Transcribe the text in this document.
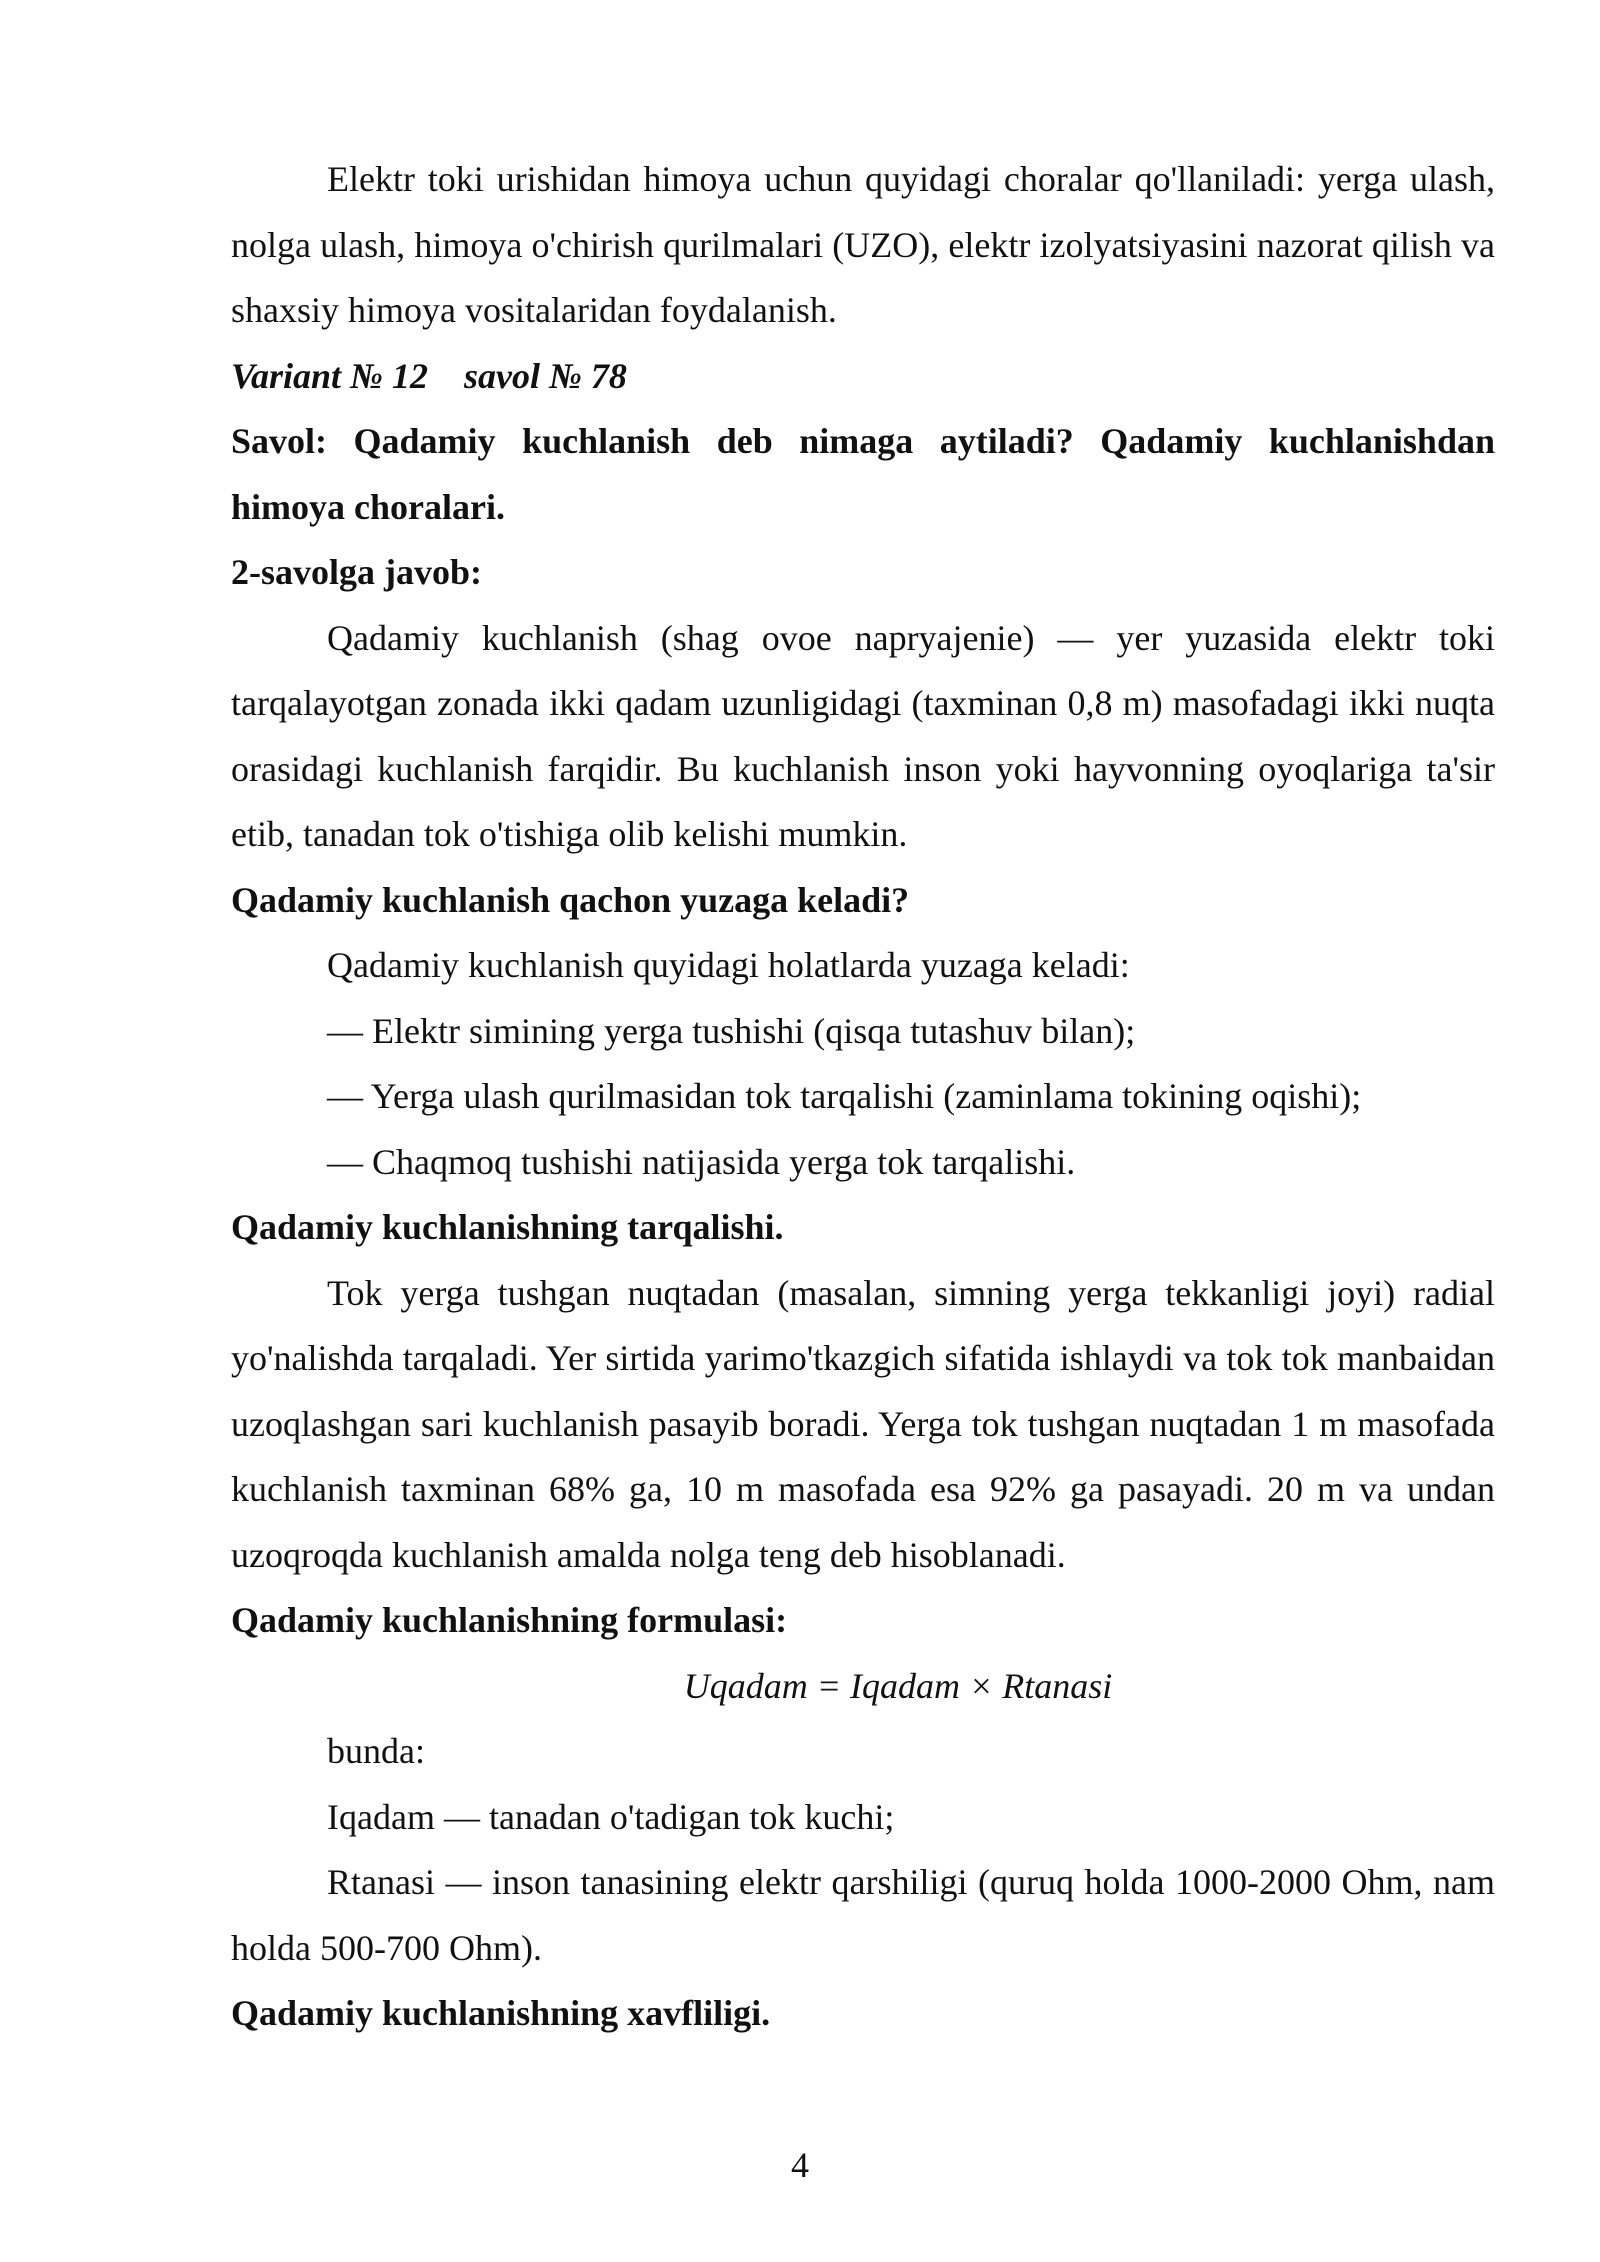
Elektr toki urishidan himoya uchun quyidagi choralar qo'llaniladi: yerga ulash, nolga ulash, himoya o'chirish qurilmalari (UZO), elektr izolyatsiyasini nazorat qilish va shaxsiy himoya vositalaridan foydalanish.

Variant № 12 savol № 78

Savol: Qadamiy kuchlanish deb nimaga aytiladi? Qadamiy kuchlanishdan himoya choralari.

2-savolga javob:

Qadamiy kuchlanish (shag ovoe napryajenie) — yer yuzasida elektr toki tarqalayotgan zonada ikki qadam uzunligidagi (taxminan 0,8 m) masofadagi ikki nuqta orasidagi kuchlanish farqidir. Bu kuchlanish inson yoki hayvonning oyoqlariga ta'sir etib, tanadan tok o'tishiga olib kelishi mumkin.

Qadamiy kuchlanish qachon yuzaga keladi?

Qadamiy kuchlanish quyidagi holatlarda yuzaga keladi:

— Elektr simining yerga tushishi (qisqa tutashuv bilan);

— Yerga ulash qurilmasidan tok tarqalishi (zaminlama tokining oqishi);

— Chaqmoq tushishi natijasida yerga tok tarqalishi.

Qadamiy kuchlanishning tarqalishi.

Tok yerga tushgan nuqtadan (masalan, simning yerga tekkanligi joyi) radial yo'nalishda tarqaladi. Yer sirtida yarimo'tkazgich sifatida ishlaydi va tok tok manbaidan uzoqlashgan sari kuchlanish pasayib boradi. Yerga tok tushgan nuqtadan 1 m masofada kuchlanish taxminan 68% ga, 10 m masofada esa 92% ga pasayadi. 20 m va undan uzoqroqda kuchlanish amalda nolga teng deb hisoblanadi.

Qadamiy kuchlanishning formulasi:

Uqadam = Iqadam × Rtanasi

bunda:

Iqadam — tanadan o'tadigan tok kuchi;

Rtanasi — inson tanasining elektr qarshiligi (quruq holda 1000-2000 Ohm, nam holda 500-700 Ohm).

Qadamiy kuchlanishning xavfliligi.

4
